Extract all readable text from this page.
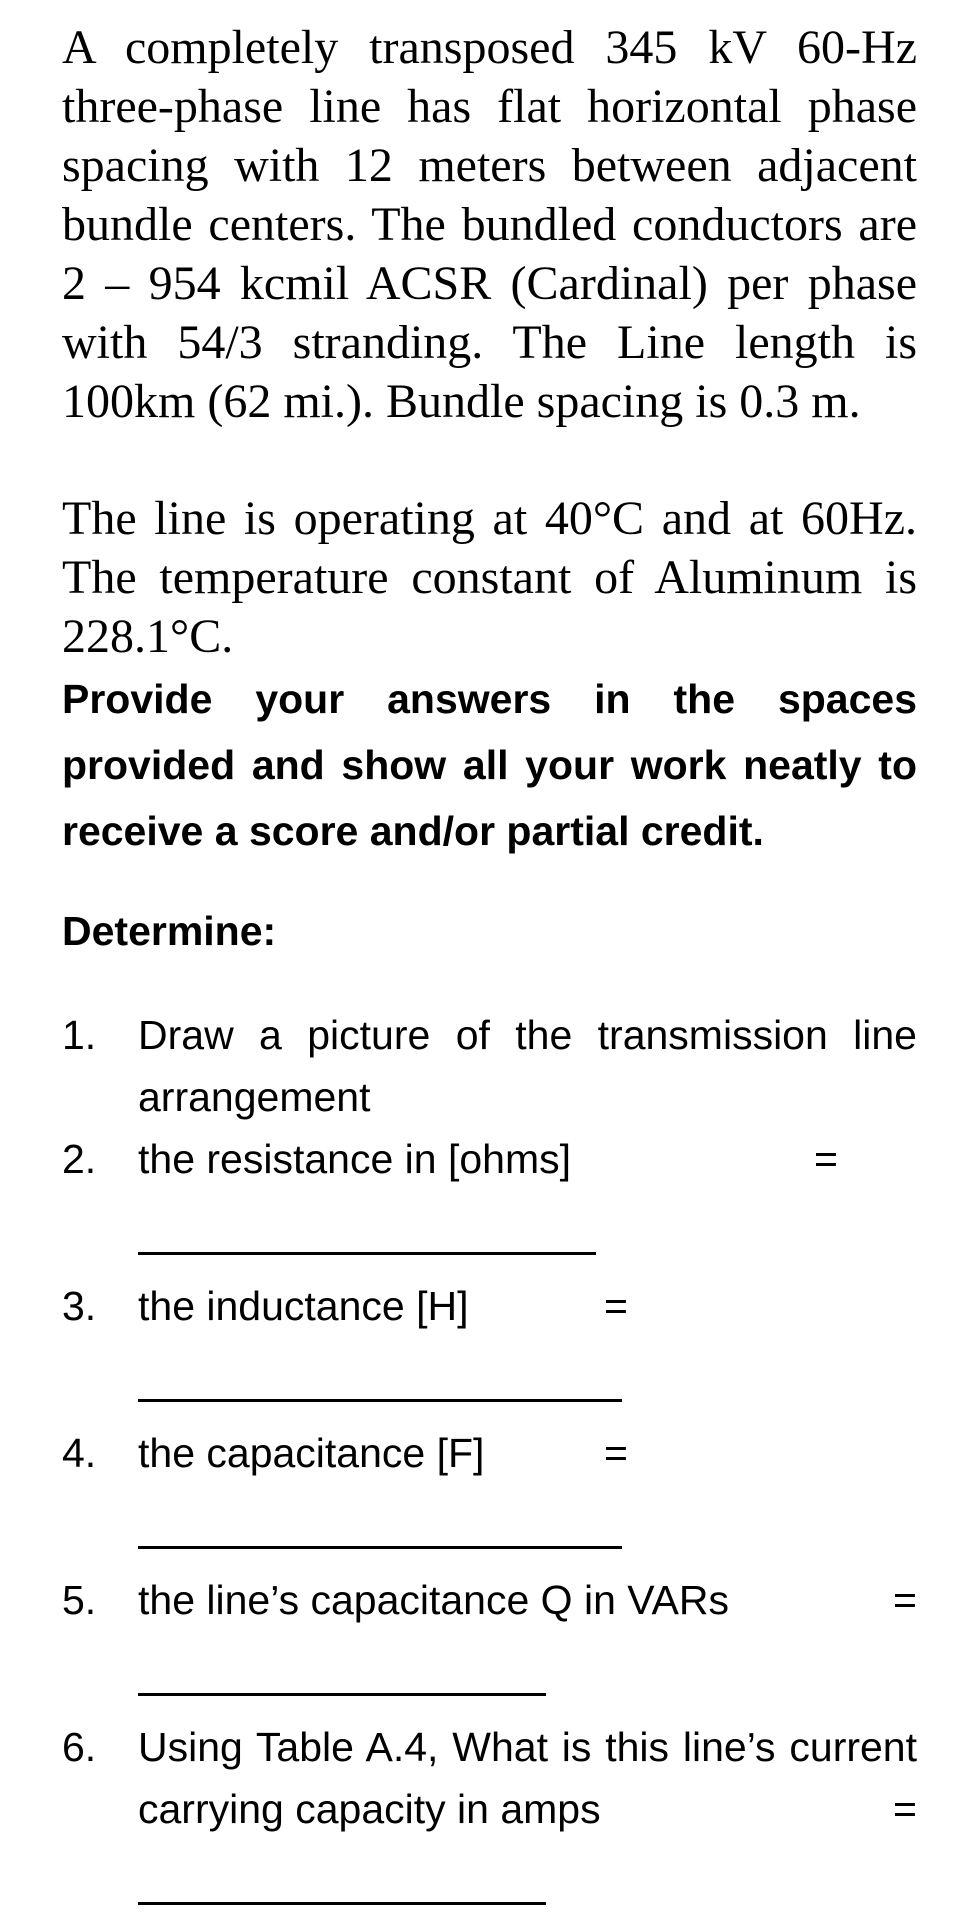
A completely transposed 345 kV 60-Hz three-phase line has flat horizontal phase spacing with 12 meters between adjacent bundle centers. The bundled conductors are 2 – 954 kcmil ACSR (Cardinal) per phase with 54/3 stranding. The Line length is 100km (62 mi.). Bundle spacing is 0.3 m.

The line is operating at 40°C and at 60Hz. The temperature constant of Aluminum is 228.1°C.

Provide your answers in the spaces provided and show all your work neatly to receive a score and/or partial credit.

Determine:

1.	Draw a picture of the transmission line arrangement
2.	the resistance in [ohms]	=
3.	the inductance [H]	=
4.	the capacitance [F]	=
5.	the line’s capacitance Q in VARs	=
6.	Using Table A.4, What is this line’s current carrying capacity in amps	=
